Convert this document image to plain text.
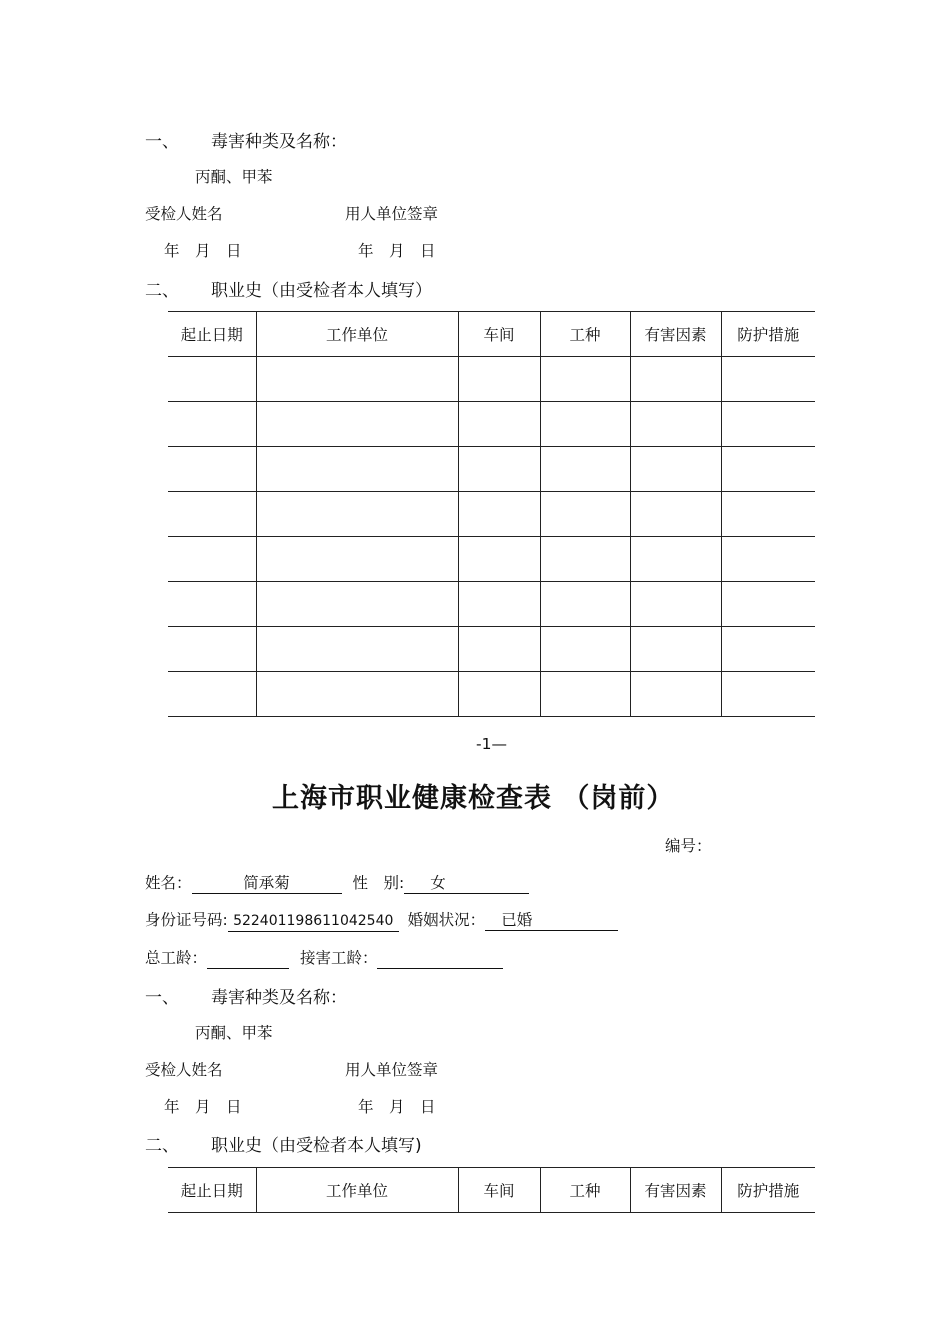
一、 毒害种类及名称：
丙酮、甲苯
受检人姓名	用人单位签章
年　月　日	年　月　日
二、 职业史（由受检者本人填写）
起止日期	工作单位	车间	工种	有害因素	防护措施

-1—
上海市职业健康检查表 （岗前）
编号：
姓名：	简承菊	性　别: 女
身份证号码: 522401198611042540 婚姻状况： 已婚
总工龄：	接害工龄：
一、 毒害种类及名称：
丙酮、甲苯
受检人姓名	用人单位签章
年　月　日	年　月　日
二、 职业史（由受检者本人填写)
起止日期	工作单位	车间	工种	有害因素	防护措施
